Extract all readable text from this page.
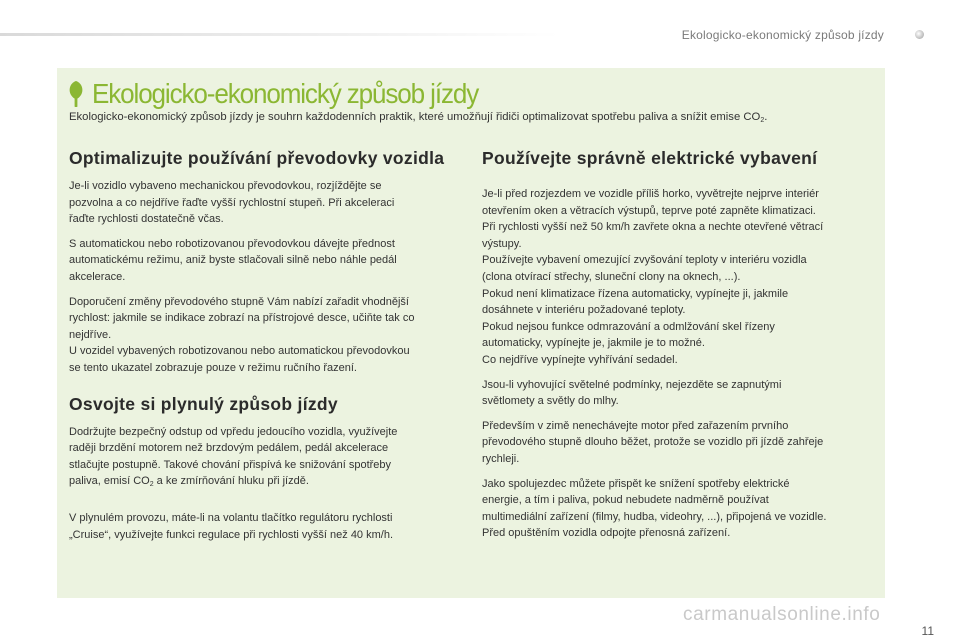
Ekologicko-ekonomický způsob jízdy
Ekologicko-ekonomický způsob jízdy
Ekologicko-ekonomický způsob jízdy je souhrn každodenních praktik, které umožňují řidiči optimalizovat spotřebu paliva a snížit emise $CO_2$.
Optimalizujte používání převodovky vozidla

Je-li vozidlo vybaveno mechanickou převodovkou, rozjíždějte se
pozvolna a co nejdříve řaďte vyšší rychlostní stupeň. Při akceleraci
řaďte rychlosti dostatečně včas.

S automatickou nebo robotizovanou převodovkou dávejte přednost
automatickému režimu, aniž byste stlačovali silně nebo náhle pedál
akcelerace.

Doporučení změny převodového stupně Vám nabízí zařadit vhodnější
rychlost: jakmile se indikace zobrazí na přístrojové desce, učiňte tak co
nejdříve.
U vozidel vybavených robotizovanou nebo automatickou převodovkou
se tento ukazatel zobrazuje pouze v režimu ručního řazení.

Osvojte si plynulý způsob jízdy

Dodržujte bezpečný odstup od vpředu jedoucího vozidla, využívejte
raději brzdění motorem než brzdovým pedálem, pedál akcelerace
stlačujte postupně. Takové chování přispívá ke snižování spotřeby
paliva, emisí $CO_2$ a ke zmírňování hluku při jízdě.

V plynulém provozu, máte-li na volantu tlačítko regulátoru rychlosti
„Cruise“, využívejte funkci regulace při rychlosti vyšší než 40 km/h.

Používejte správně elektrické vybavení

Je-li před rozjezdem ve vozidle příliš horko, vyvětrejte nejprve interiér
otevřením oken a větracích výstupů, teprve poté zapněte klimatizaci.
Při rychlosti vyšší než 50 km/h zavřete okna a nechte otevřené větrací
výstupy.
Používejte vybavení omezující zvyšování teploty v interiéru vozidla
(clona otvírací střechy, sluneční clony na oknech, ...).
Pokud není klimatizace řízena automaticky, vypínejte ji, jakmile
dosáhnete v interiéru požadované teploty.
Pokud nejsou funkce odmrazování a odmlžování skel řízeny
automaticky, vypínejte je, jakmile je to možné.
Co nejdříve vypínejte vyhřívání sedadel.

Jsou-li vyhovující světelné podmínky, nejezděte se zapnutými
světlomety a světly do mlhy.

Především v zimě nenechávejte motor před zařazením prvního
převodového stupně dlouho běžet, protože se vozidlo při jízdě zahřeje
rychleji.

Jako spolujezdec můžete přispět ke snížení spotřeby elektrické
energie, a tím i paliva, pokud nebudete nadměrně používat
multimediální zařízení (filmy, hudba, videohry, ...), připojená ve vozidle.
Před opuštěním vozidla odpojte přenosná zařízení.

carmanualsonline.info
11
